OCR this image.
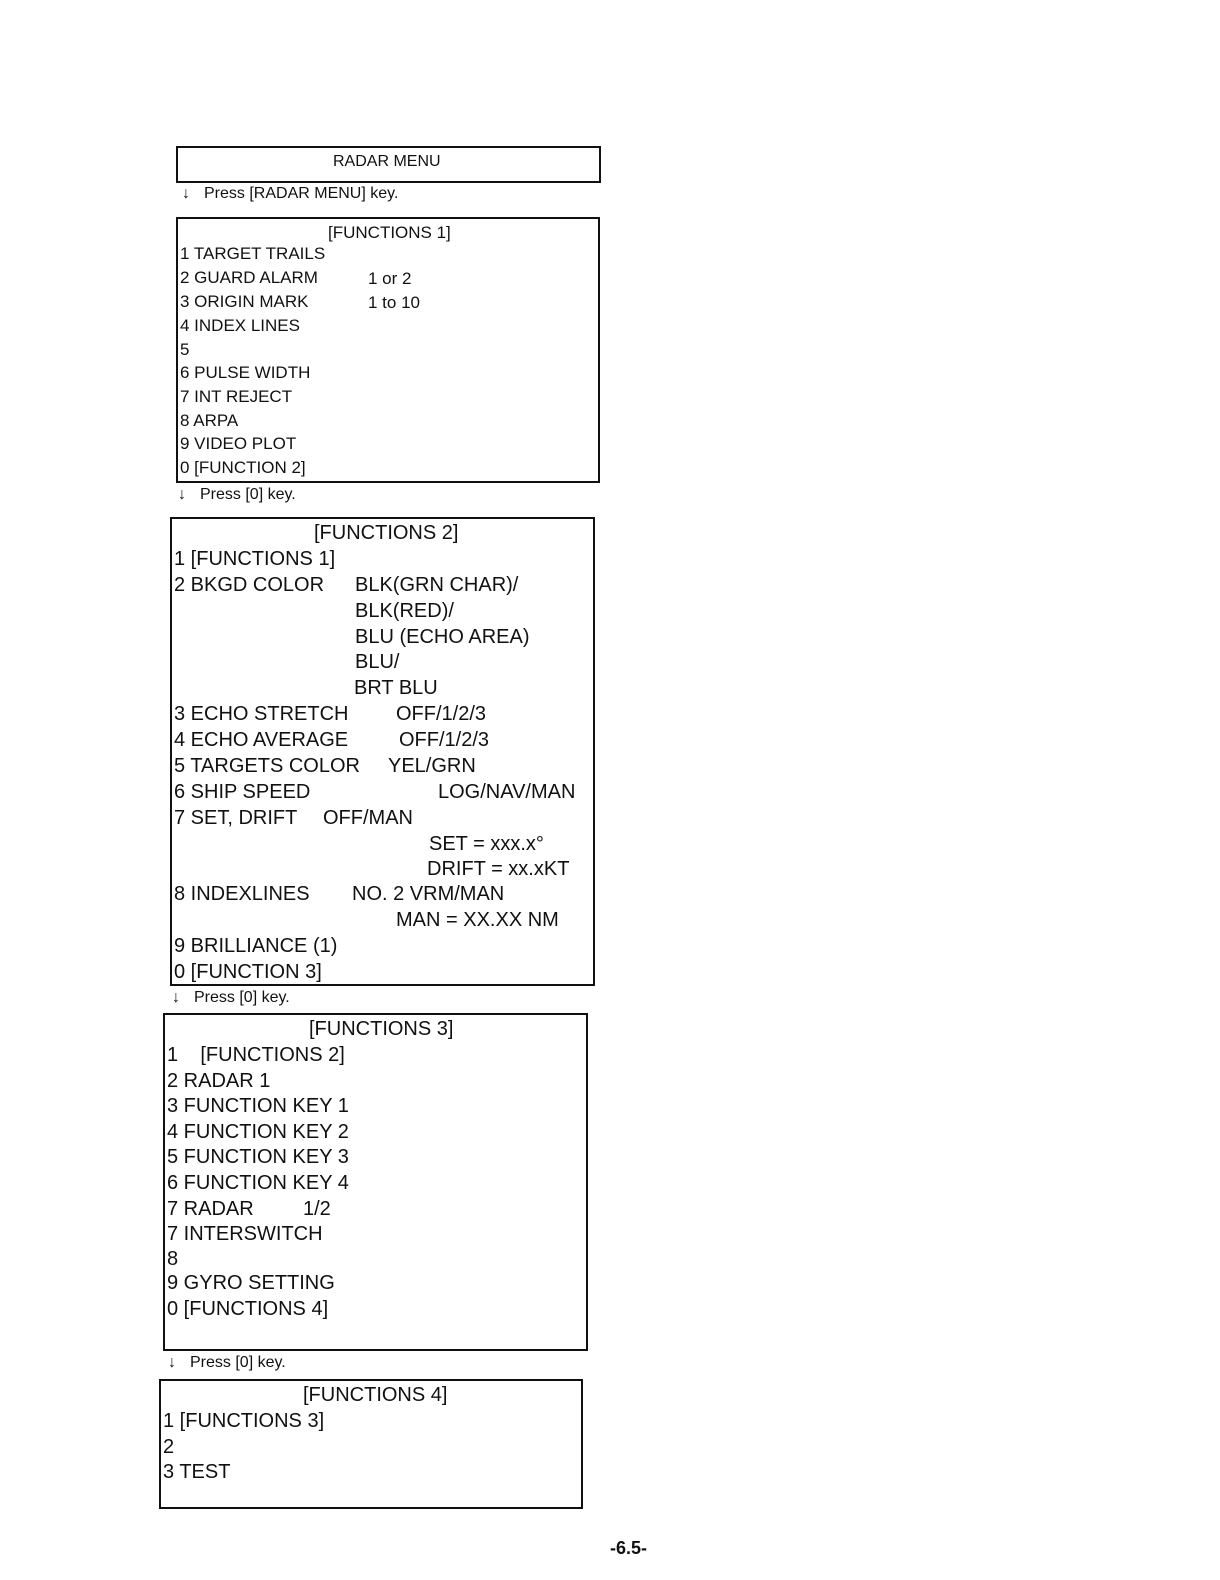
RADAR MENU
↓ Press [RADAR MENU] key.
[FUNCTIONS 1]
1 TARGET TRAILS
2 GUARD ALARM
3 ORIGIN MARK
4 INDEX LINES
5
6 PULSE WIDTH
7 INT REJECT
8 ARPA
9 VIDEO PLOT
0 [FUNCTION 2]
1 or 2
1 to 10
↓ Press [0] key.
[FUNCTIONS 2]
1 [FUNCTIONS 1]
2 BKGD COLOR
3 ECHO STRETCH
4 ECHO AVERAGE
5 TARGETS COLOR
6 SHIP SPEED
7 SET, DRIFT
8 INDEXLINES
9 BRILLIANCE (1)
0 [FUNCTION 3]
BLK(GRN CHAR)/
BLK(RED)/
BLU (ECHO AREA)
BLU/
BRT BLU
OFF/1/2/3
OFF/1/2/3
YEL/GRN
LOG/NAV/MAN
OFF/MAN
SET = xxx.x°
DRIFT = xx.xKT
NO. 2 VRM/MAN
MAN = XX.XX NM
↓ Press [0] key.
[FUNCTIONS 3]
1    [FUNCTIONS 2]
2 RADAR 1
3 FUNCTION KEY 1
4 FUNCTION KEY 2
5 FUNCTION KEY 3
6 FUNCTION KEY 4
7 RADAR
7 INTERSWITCH
8
9 GYRO SETTING
0 [FUNCTIONS 4]
1/2
↓ Press [0] key.
[FUNCTIONS 4]
1 [FUNCTIONS 3]
2
3 TEST
-6.5-
